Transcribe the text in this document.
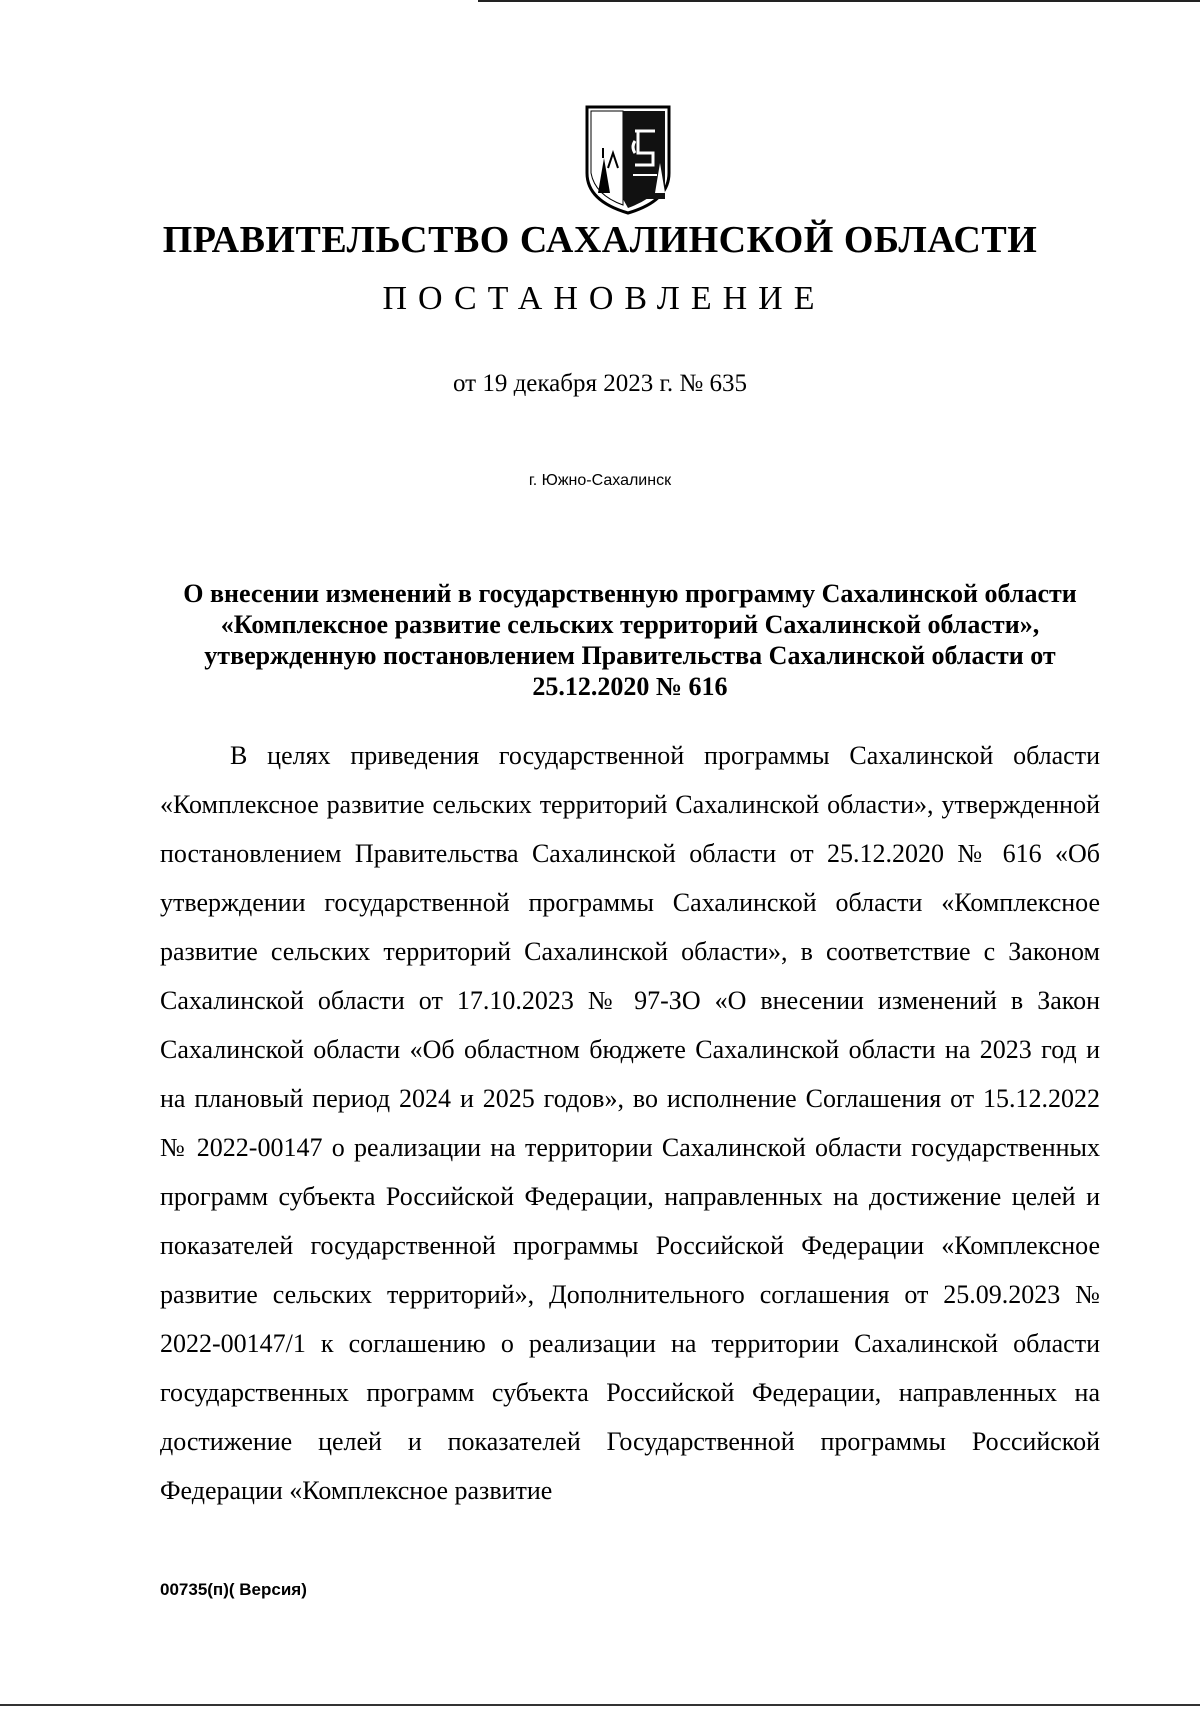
ПРАВИТЕЛЬСТВО САХАЛИНСКОЙ ОБЛАСТИ
ПОСТАНОВЛЕНИЕ
от 19 декабря 2023 г. № 635
г. Южно-Сахалинск
О внесении изменений в государственную программу Сахалинской области «Комплексное развитие сельских территорий Сахалинской области», утвержденную постановлением Правительства Сахалинской области от 25.12.2020 № 616

В целях приведения государственной программы Сахалинской области «Комплексное развитие сельских территорий Сахалинской области», утвержденной постановлением Правительства Сахалинской области от 25.12.2020 № 616 «Об утверждении государственной программы Сахалинской области «Комплексное развитие сельских территорий Сахалинской области», в соответствие с Законом Сахалинской области от 17.10.2023 № 97-ЗО «О внесении изменений в Закон Сахалинской области «Об областном бюджете Сахалинской области на 2023 год и на плановый период 2024 и 2025 годов», во исполнение Соглашения от 15.12.2022 № 2022-00147 о реализации на территории Сахалинской области государственных программ субъекта Российской Федерации, направленных на достижение целей и показателей государственной программы Российской Федерации «Комплексное развитие сельских территорий», Дополнительного соглашения от 25.09.2023 № 2022-00147/1 к соглашению о реализации на территории Сахалинской области государственных программ субъекта Российской Федерации, направленных на достижение целей и показателей Государственной программы Российской Федерации «Комплексное развитие

00735(п)( Версия)
